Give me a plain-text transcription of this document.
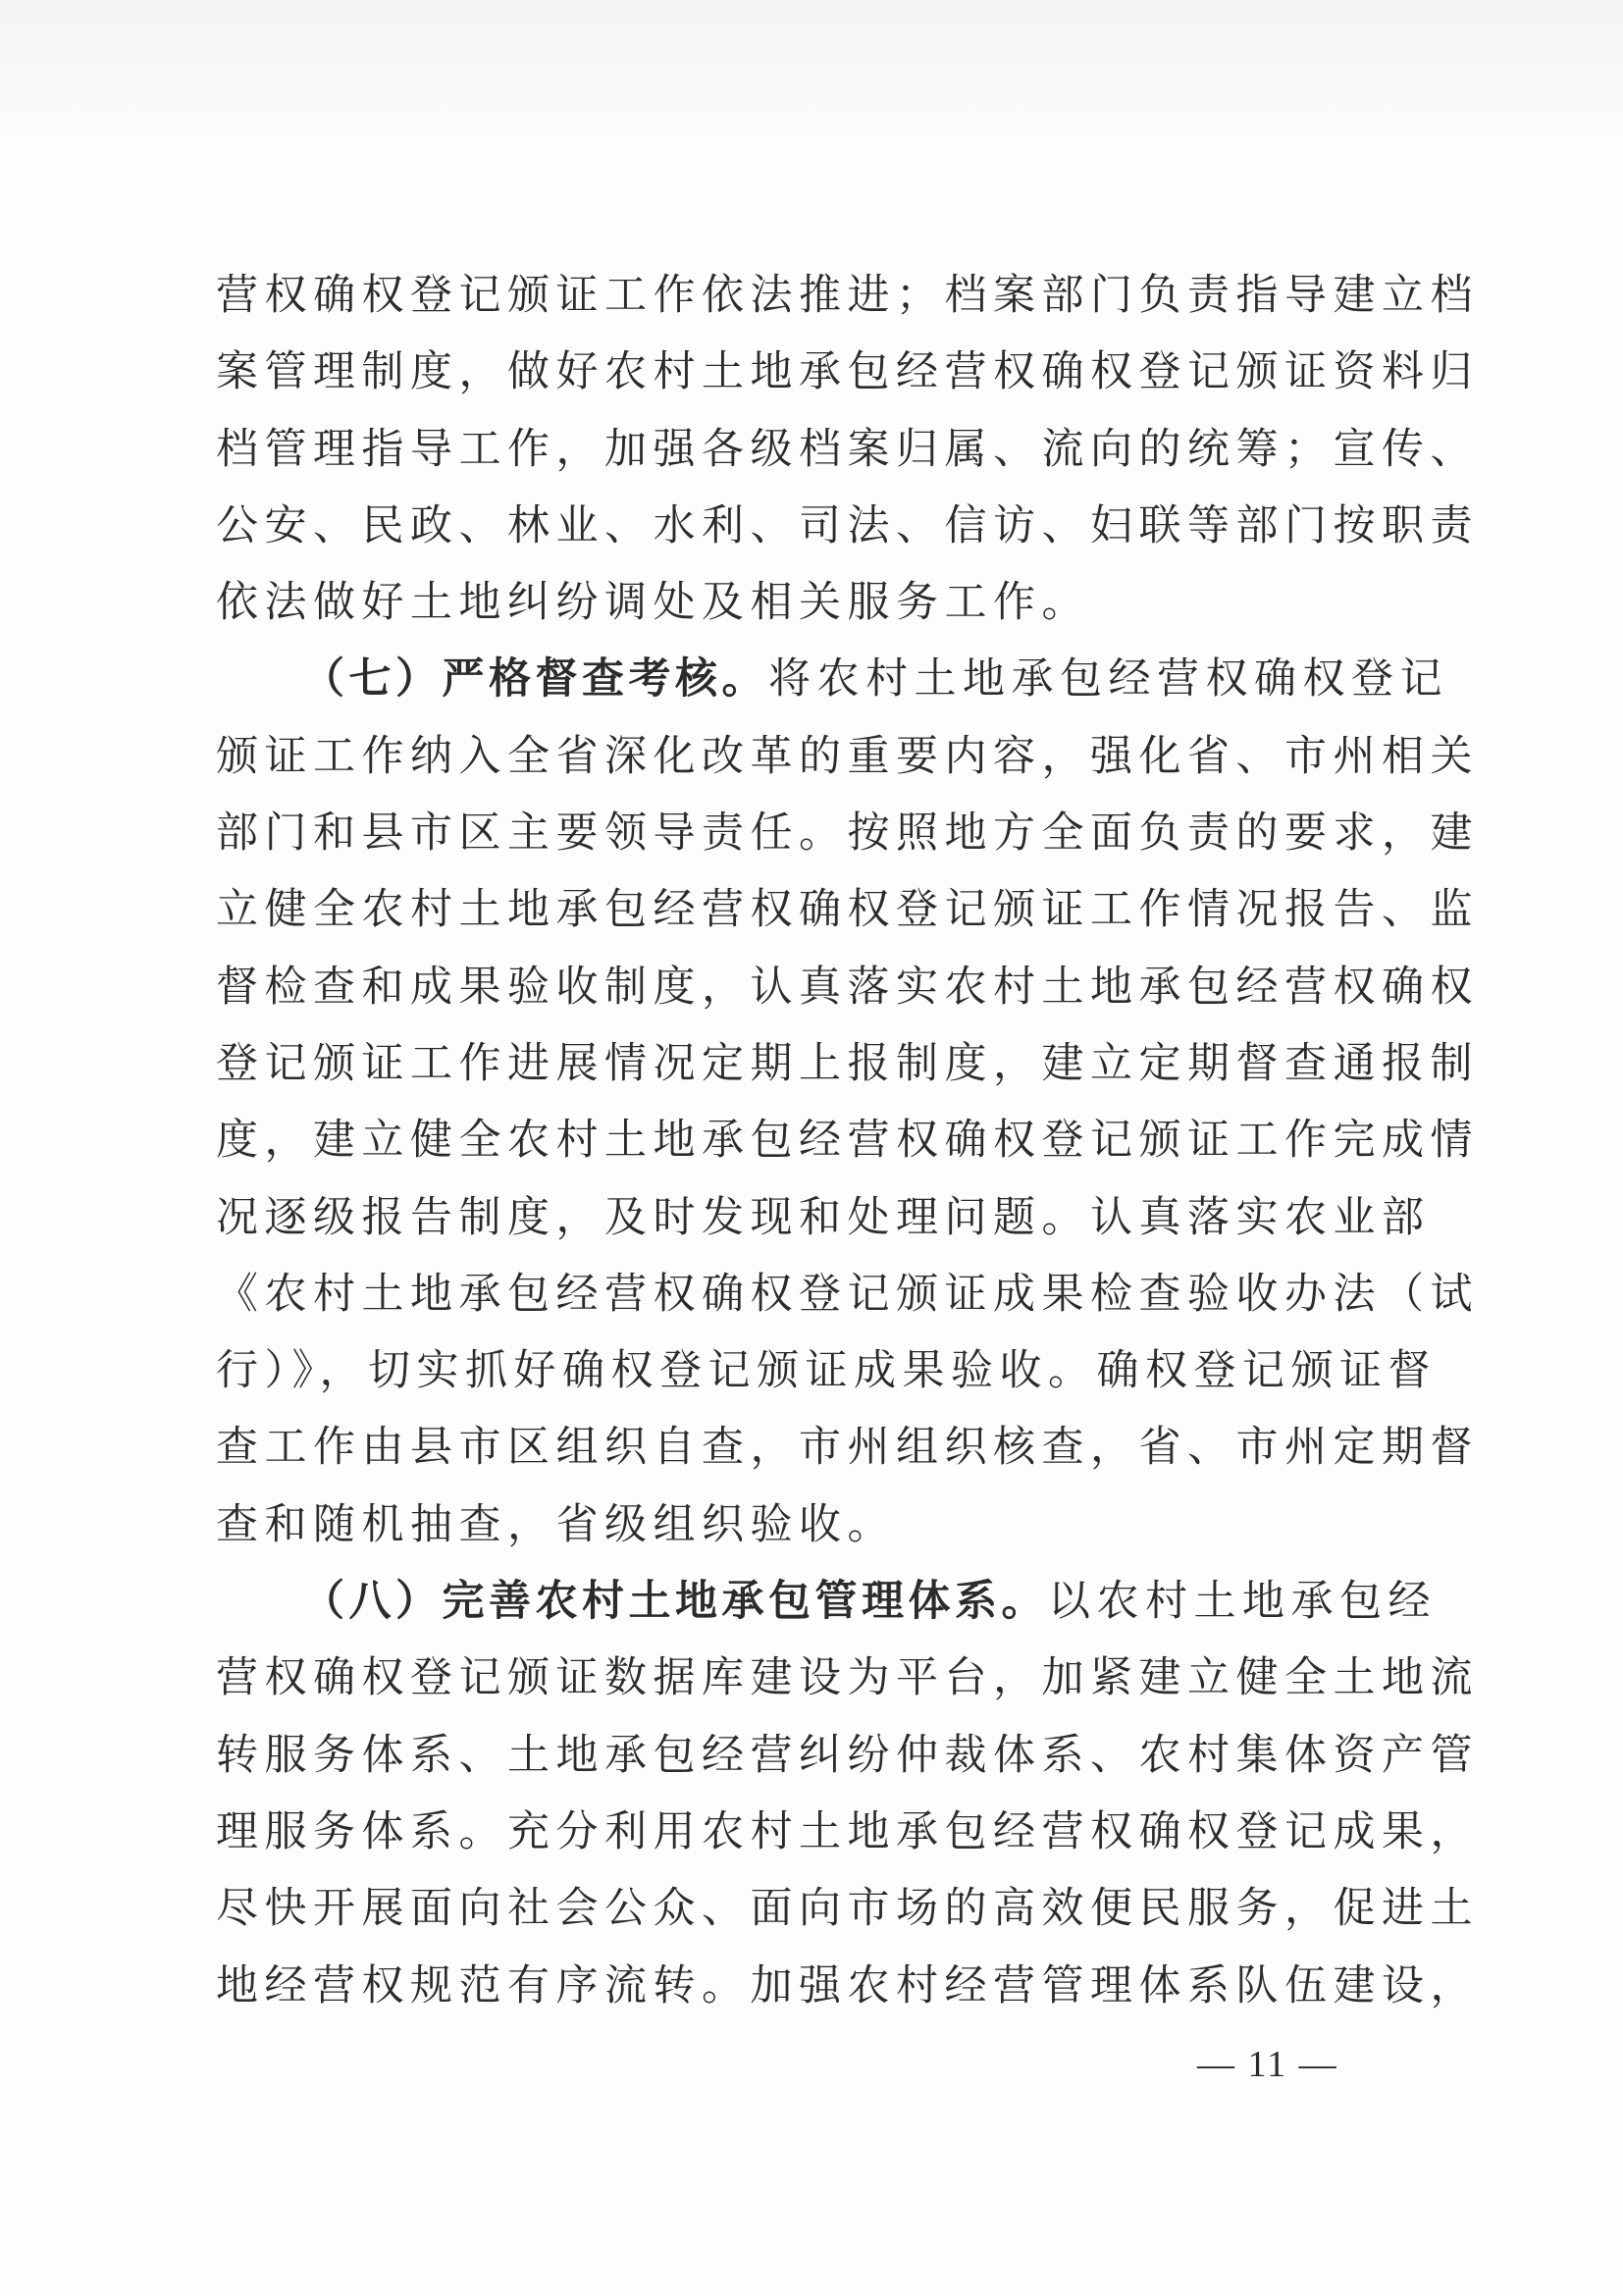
营权确权登记颁证工作依法推进；档案部门负责指导建立档
案管理制度，做好农村土地承包经营权确权登记颁证资料归
档管理指导工作，加强各级档案归属、流向的统筹；宣传、
公安、民政、林业、水利、司法、信访、妇联等部门按职责
依法做好土地纠纷调处及相关服务工作。
（七）严格督查考核。将农村土地承包经营权确权登记
颁证工作纳入全省深化改革的重要内容，强化省、市州相关
部门和县市区主要领导责任。按照地方全面负责的要求，建
立健全农村土地承包经营权确权登记颁证工作情况报告、监
督检查和成果验收制度，认真落实农村土地承包经营权确权
登记颁证工作进展情况定期上报制度，建立定期督查通报制
度，建立健全农村土地承包经营权确权登记颁证工作完成情
况逐级报告制度，及时发现和处理问题。认真落实农业部
《农村土地承包经营权确权登记颁证成果检查验收办法（试
行）》，切实抓好确权登记颁证成果验收。确权登记颁证督
查工作由县市区组织自查，市州组织核查，省、市州定期督
查和随机抽查，省级组织验收。
（八）完善农村土地承包管理体系。以农村土地承包经
营权确权登记颁证数据库建设为平台，加紧建立健全土地流
转服务体系、土地承包经营纠纷仲裁体系、农村集体资产管
理服务体系。充分利用农村土地承包经营权确权登记成果，
尽快开展面向社会公众、面向市场的高效便民服务，促进土
地经营权规范有序流转。加强农村经营管理体系队伍建设，
— 11 —
